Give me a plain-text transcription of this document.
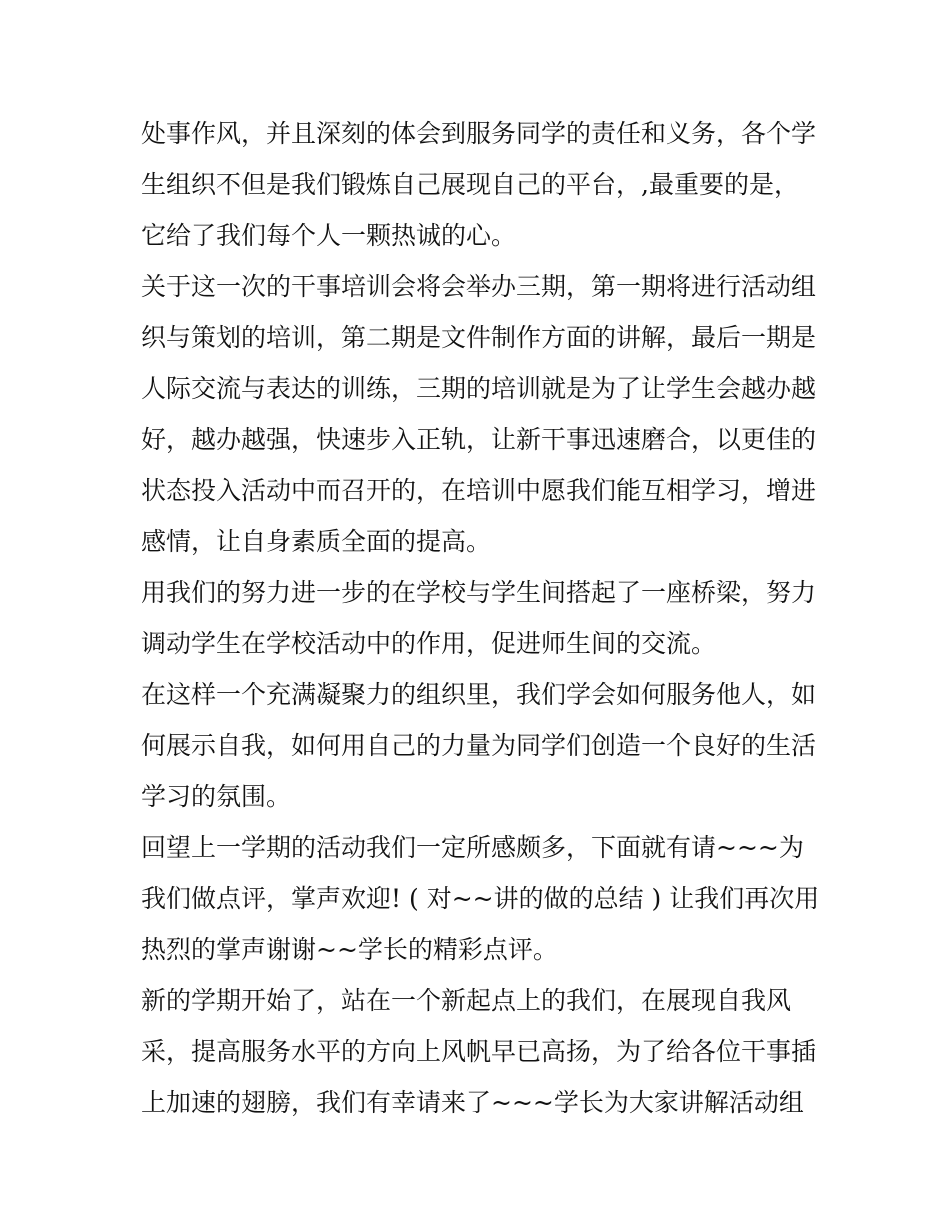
处事作风，并且深刻的体会到服务同学的责任和义务，各个学
生组织不但是我们锻炼自己展现自己的平台，,最重要的是，
它给了我们每个人一颗热诚的心。
关于这一次的干事培训会将会举办三期，第一期将进行活动组
织与策划的培训，第二期是文件制作方面的讲解，最后一期是
人际交流与表达的训练，三期的培训就是为了让学生会越办越
好，越办越强，快速步入正轨，让新干事迅速磨合，以更佳的
状态投入活动中而召开的，在培训中愿我们能互相学习，增进
感情，让自身素质全面的提高。
用我们的努力进一步的在学校与学生间搭起了一座桥梁，努力
调动学生在学校活动中的作用，促进师生间的交流。
在这样一个充满凝聚力的组织里，我们学会如何服务他人，如
何展示自我，如何用自己的力量为同学们创造一个良好的生活
学习的氛围。
回望上一学期的活动我们一定所感颇多，下面就有请~~~为
我们做点评，掌声欢迎! ( 对~~讲的做的总结 ) 让我们再次用
热烈的掌声谢谢~~学长的精彩点评。
新的学期开始了，站在一个新起点上的我们，在展现自我风
采，提高服务水平的方向上风帆早已高扬，为了给各位干事插
上加速的翅膀，我们有幸请来了~~~学长为大家讲解活动组
